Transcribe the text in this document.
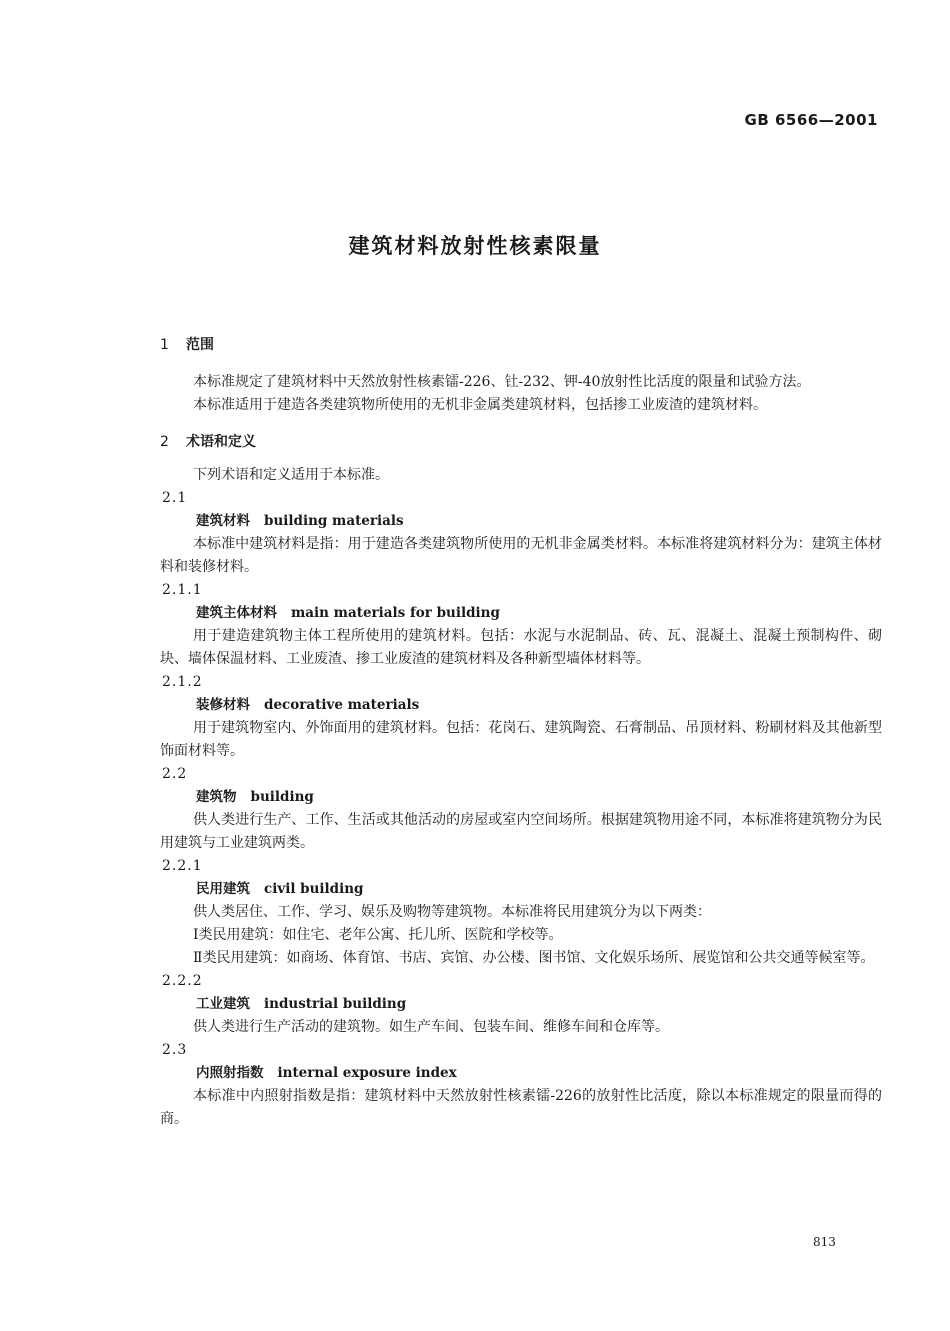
GB 6566—2001
建筑材料放射性核素限量

1 范围

本标准规定了建筑材料中天然放射性核素镭-226、钍-232、钾-40放射性比活度的限量和试验方法。

本标准适用于建造各类建筑物所使用的无机非金属类建筑材料，包括掺工业废渣的建筑材料。

2 术语和定义

下列术语和定义适用于本标准。

2.1

建筑材料 building materials

本标准中建筑材料是指：用于建造各类建筑物所使用的无机非金属类材料。本标准将建筑材料分为：建筑主体材料和装修材料。

2.1.1

建筑主体材料 main materials for building

用于建造建筑物主体工程所使用的建筑材料。包括：水泥与水泥制品、砖、瓦、混凝土、混凝土预制构件、砌块、墙体保温材料、工业废渣、掺工业废渣的建筑材料及各种新型墙体材料等。

2.1.2

装修材料 decorative materials

用于建筑物室内、外饰面用的建筑材料。包括：花岗石、建筑陶瓷、石膏制品、吊顶材料、粉刷材料及其他新型饰面材料等。

2.2

建筑物 building

供人类进行生产、工作、生活或其他活动的房屋或室内空间场所。根据建筑物用途不同，本标准将建筑物分为民用建筑与工业建筑两类。

2.2.1

民用建筑 civil building

供人类居住、工作、学习、娱乐及购物等建筑物。本标准将民用建筑分为以下两类：

Ⅰ类民用建筑：如住宅、老年公寓、托儿所、医院和学校等。

Ⅱ类民用建筑：如商场、体育馆、书店、宾馆、办公楼、图书馆、文化娱乐场所、展览馆和公共交通等候室等。

2.2.2

工业建筑 industrial building

供人类进行生产活动的建筑物。如生产车间、包装车间、维修车间和仓库等。

2.3

内照射指数 internal exposure index

本标准中内照射指数是指：建筑材料中天然放射性核素镭-226的放射性比活度，除以本标准规定的限量而得的商。

813
